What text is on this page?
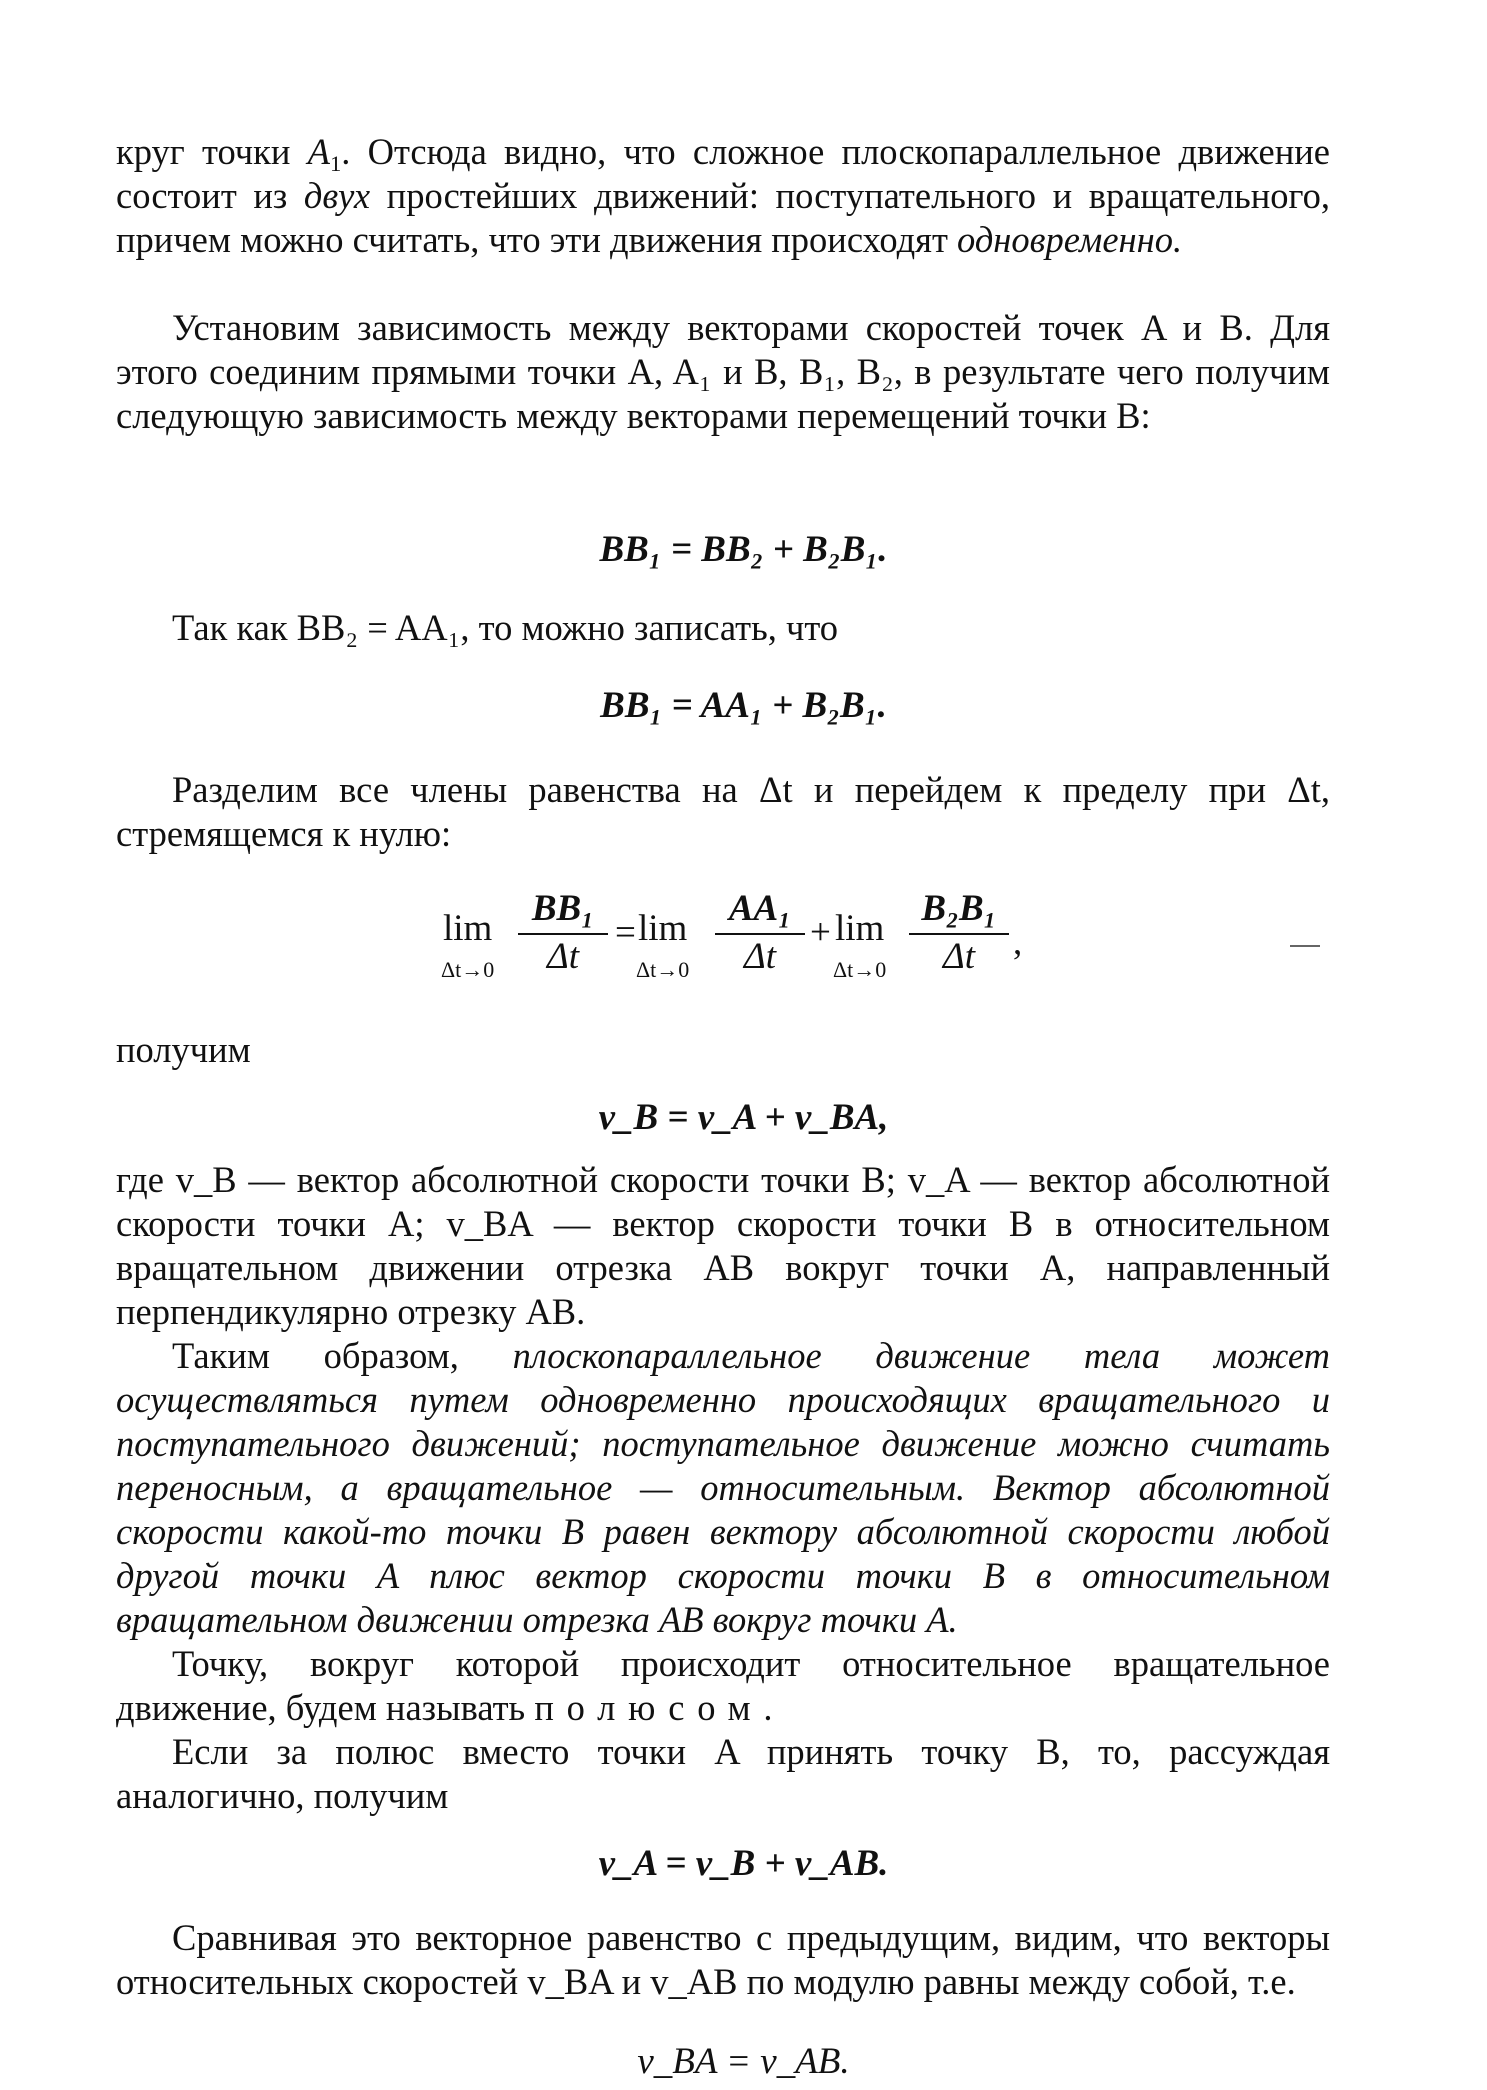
круг точки $A_1$. Отсюда видно, что сложное плоскопараллельное движение состоит из двух простейших движений: поступательного и вращательного, причем можно считать, что эти движения происходят одновременно.

Установим зависимость между векторами скоростей точек A и B. Для этого соединим прямыми точки A, A₁ и B, B₁, B₂, в результате чего получим следующую зависимость между векторами перемещений точки B:

BB₁ = BB₂ + B₂B₁.

Так как BB₂ = AA₁, то можно записать, что

BB₁ = AA₁ + B₂B₁.

Разделим все члены равенства на Δt и перейдем к пределу при Δt, стремящемся к нулю:

lim
Δt→0
BB₁
Δt
= lim
Δt→0
AA₁
Δt
+ lim
Δt→0
B₂B₁
Δt	,

получим

v_B = v_A + v_BA,

где v_B — вектор абсолютной скорости точки B; v_A — вектор абсолютной скорости точки A; v_BA — вектор скорости точки B в относительном вращательном движении отрезка AB вокруг точки A, направленный перпендикулярно отрезку AB.

Таким образом, плоскопараллельное движение тела может осуществляться путем одновременно происходящих вращательного и поступательного движений; поступательное движение можно считать переносным, а вращательное — относительным. Вектор абсолютной скорости какой-то точки B равен вектору абсолютной скорости любой другой точки A плюс вектор скорости точки B в относительном вращательном движении отрезка AB вокруг точки A.

Точку, вокруг которой происходит относительное вращательное движение, будем называть полюсом.

Если за полюс вместо точки A принять точку B, то, рассуждая аналогично, получим

v_A = v_B + v_AB.

Сравнивая это векторное равенство с предыдущим, видим, что векторы относительных скоростей v_BA и v_AB по модулю равны между собой, т.е.

v_BA = v_AB.
